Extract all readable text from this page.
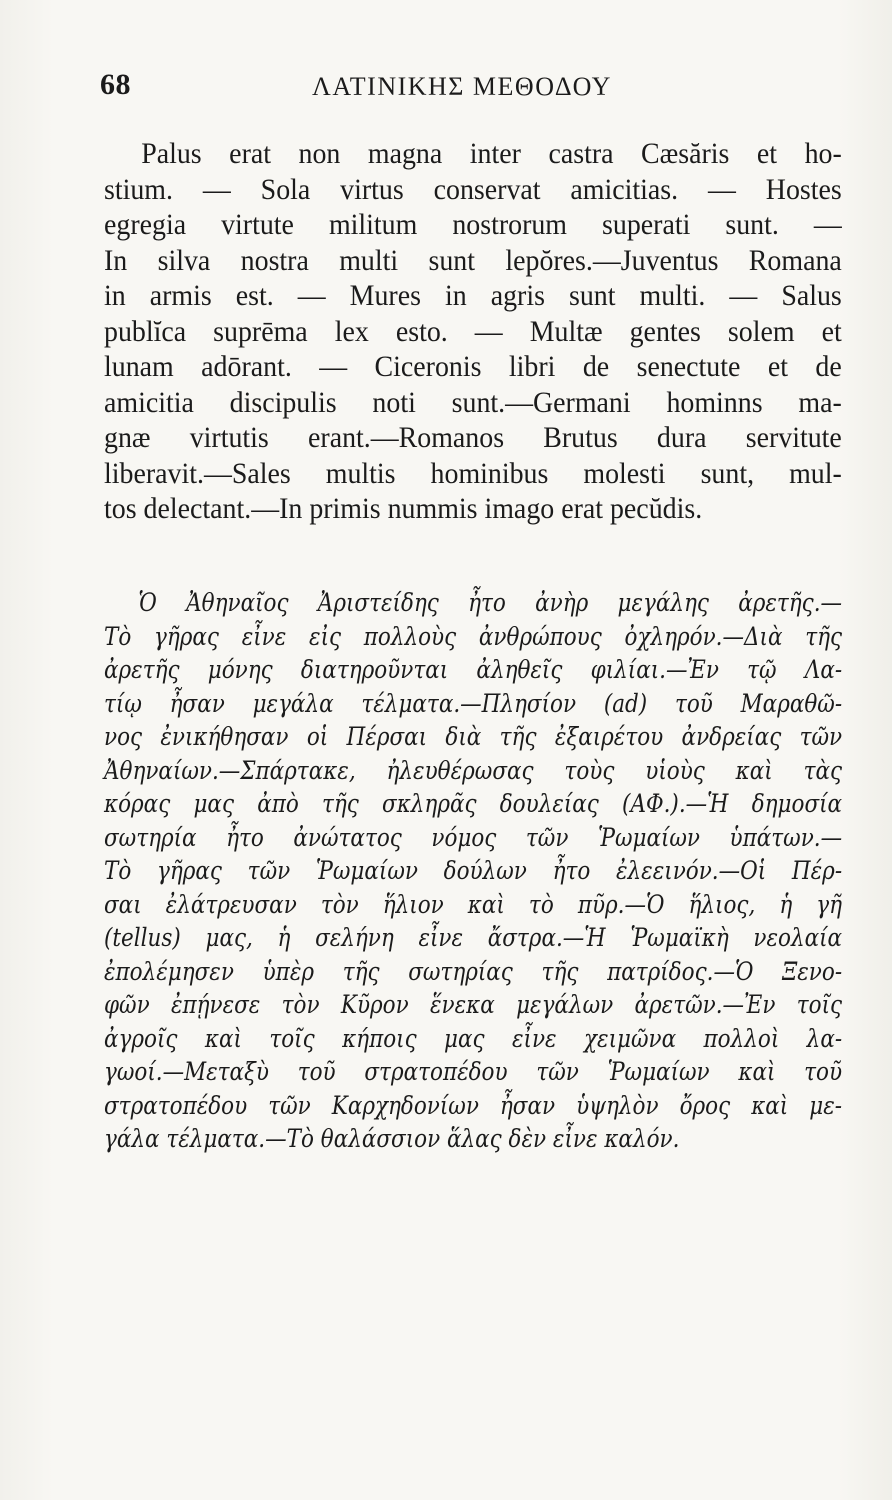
68	ΛΑΤΙΝΙΚΗΣ ΜΕΘΟΔΟΥ
Palus erat non magna inter castra Cæsăris et ho-
stium. — Sola virtus conservat amicitias. — Hostes
egregia virtute militum nostrorum superati sunt. —
In silva nostra multi sunt lepŏres.—Juventus Romana
in armis est. — Mures in agris sunt multi. — Salus
publĭca suprēma lex esto. — Multæ gentes solem et
lunam adōrant. — Ciceronis libri de senectute et de
amicitia discipulis noti sunt.—Germani hominns ma-
gnæ virtutis erant.—Romanos Brutus dura servitute
liberavit.—Sales multis hominibus molesti sunt, mul-
tos delectant.—In primis nummis imago erat pecŭdis.
Ὁ Ἀθηναῖος Ἀριστείδης ἦτο ἀνὴρ μεγάλης ἀρετῆς.—
Τὸ γῆρας εἶνε εἰς πολλοὺς ἀνθρώπους ὀχληρόν.—Διὰ τῆς
ἀρετῆς μόνης διατηροῦνται ἀληθεῖς φιλίαι.—Ἐν τῷ Λα-
τίῳ ἦσαν μεγάλα τέλματα.—Πλησίον (ad) τοῦ Μαραθῶ-
νος ἐνικήθησαν οἱ Πέρσαι διὰ τῆς ἐξαιρέτου ἀνδρείας τῶν
Ἀθηναίων.—Σπάρτακε, ἠλευθέρωσας τοὺς υἱοὺς καὶ τὰς
κόρας μας ἀπὸ τῆς σκληρᾶς δουλείας (ΑΦ.).—Ἡ δημοσία
σωτηρία ἦτο ἀνώτατος νόμος τῶν Ῥωμαίων ὑπάτων.—
Τὸ γῆρας τῶν Ῥωμαίων δούλων ἦτο ἐλεεινόν.—Οἱ Πέρ-
σαι ἐλάτρευσαν τὸν ἥλιον καὶ τὸ πῦρ.—Ὁ ἥλιος, ἡ γῆ
(tellus) μας, ἡ σελήνη εἶνε ἄστρα.—Ἡ Ῥωμαϊκὴ νεολαία
ἐπολέμησεν ὑπὲρ τῆς σωτηρίας τῆς πατρίδος.—Ὁ Ξενο-
φῶν ἐπῄνεσε τὸν Κῦρον ἕνεκα μεγάλων ἀρετῶν.—Ἐν τοῖς
ἀγροῖς καὶ τοῖς κήποις μας εἶνε χειμῶνα πολλοὶ λα-
γωοί.—Μεταξὺ τοῦ στρατοπέδου τῶν Ῥωμαίων καὶ τοῦ
στρατοπέδου τῶν Καρχηδονίων ἦσαν ὑψηλὸν ὄρος καὶ με-
γάλα τέλματα.—Τὸ θαλάσσιον ἅλας δὲν εἶνε καλόν.
